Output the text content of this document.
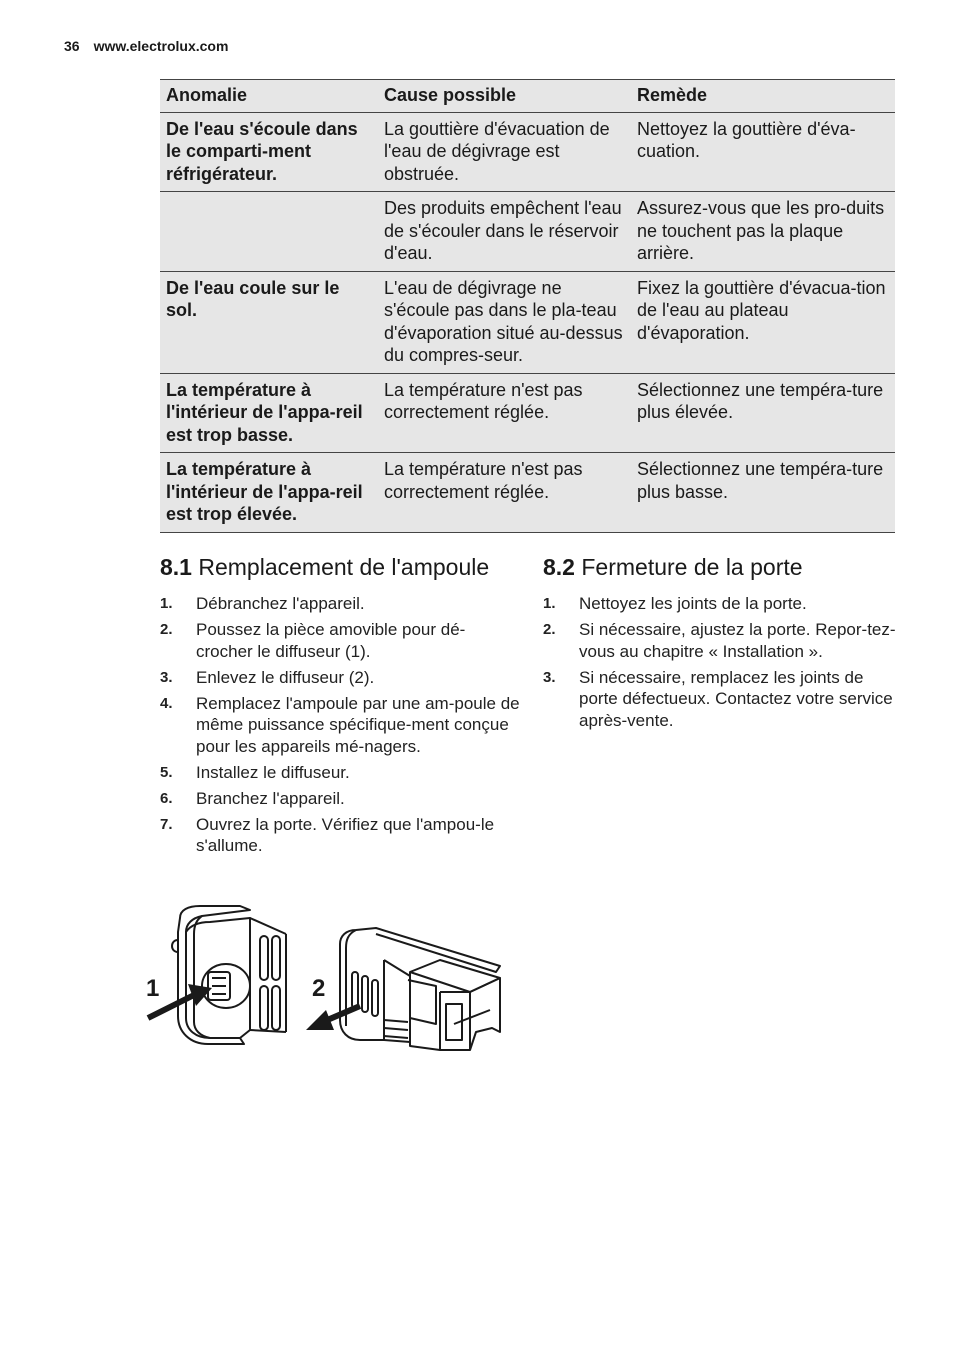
36 www.electrolux.com
Anomalie	Cause possible	Remède
De l'eau s'écoule dans le comparti-ment réfrigérateur.	La gouttière d'évacuation de l'eau de dégivrage est obstruée.	Nettoyez la gouttière d'éva-cuation.
	Des produits empêchent l'eau de s'écouler dans le réservoir d'eau.	Assurez-vous que les pro-duits ne touchent pas la plaque arrière.
De l'eau coule sur le sol.	L'eau de dégivrage ne s'écoule pas dans le pla-teau d'évaporation situé au-dessus du compres-seur.	Fixez la gouttière d'évacua-tion de l'eau au plateau d'évaporation.
La température à l'intérieur de l'appa-reil est trop basse.	La température n'est pas correctement réglée.	Sélectionnez une tempéra-ture plus élevée.
La température à l'intérieur de l'appa-reil est trop élevée.	La température n'est pas correctement réglée.	Sélectionnez une tempéra-ture plus basse.
8.1 Remplacement de l'ampoule
1. Débranchez l'appareil.
2. Poussez la pièce amovible pour dé-crocher le diffuseur (1).
3. Enlevez le diffuseur (2).
4. Remplacez l'ampoule par une am-poule de même puissance spécifique-ment conçue pour les appareils mé-nagers.
5. Installez le diffuseur.
6. Branchez l'appareil.
7. Ouvrez la porte. Vérifiez que l'ampou-le s'allume.
8.2 Fermeture de la porte
1. Nettoyez les joints de la porte.
2. Si nécessaire, ajustez la porte. Repor-tez-vous au chapitre « Installation ».
3. Si nécessaire, remplacez les joints de porte défectueux. Contactez votre service après-vente.
1	2
